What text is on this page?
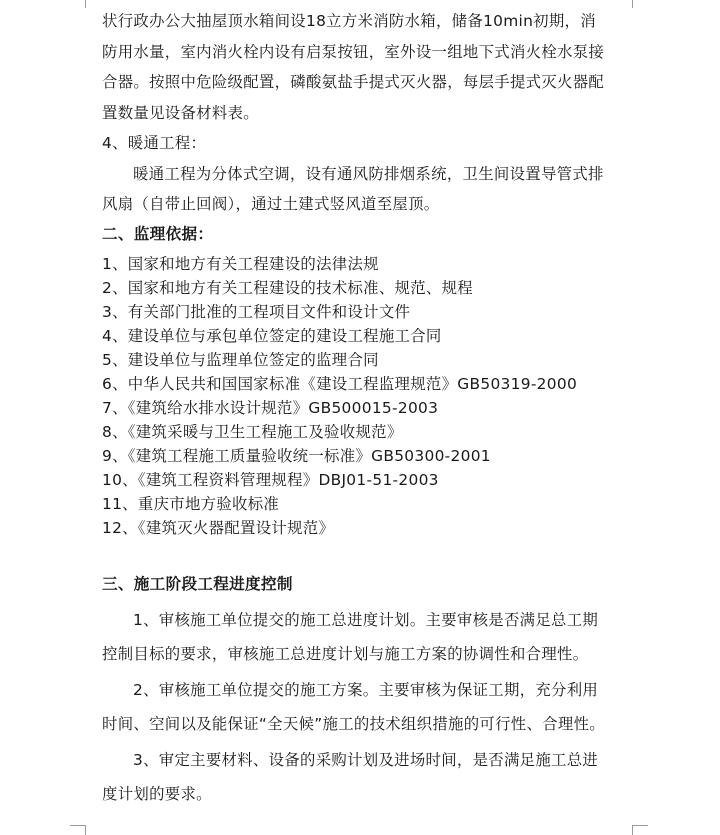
状行政办公大抽屋顶水箱间设18立方米消防水箱，储备10min初期，消

防用水量，室内消火栓内设有启泵按钮，室外设一组地下式消火栓水泵接

合器。按照中危险级配置，磷酸氨盐手提式灭火器，每层手提式灭火器配

置数量见设备材料表。

4、暖通工程：

暖通工程为分体式空调，设有通风防排烟系统，卫生间设置导管式排

风扇（自带止回阀），通过土建式竖风道至屋顶。

二、监理依据：

1、国家和地方有关工程建设的法律法规
2、国家和地方有关工程建设的技术标准、规范、规程
3、有关部门批准的工程项目文件和设计文件
4、建设单位与承包单位签定的建设工程施工合同
5、建设单位与监理单位签定的监理合同
6、中华人民共和国国家标准《建设工程监理规范》GB50319-2000
7、《建筑给水排水设计规范》GB500015-2003
8、《建筑采暖与卫生工程施工及验收规范》
9、《建筑工程施工质量验收统一标准》GB50300-2001
10、《建筑工程资料管理规程》DBJ01-51-2003
11、重庆市地方验收标准
12、《建筑灭火器配置设计规范》

三、施工阶段工程进度控制

1、审核施工单位提交的施工总进度计划。主要审核是否满足总工期

控制目标的要求，审核施工总进度计划与施工方案的协调性和合理性。

2、审核施工单位提交的施工方案。主要审核为保证工期，充分利用

时间、空间以及能保证“全天候”施工的技术组织措施的可行性、合理性。

3、审定主要材料、设备的采购计划及进场时间，是否满足施工总进

度计划的要求。
